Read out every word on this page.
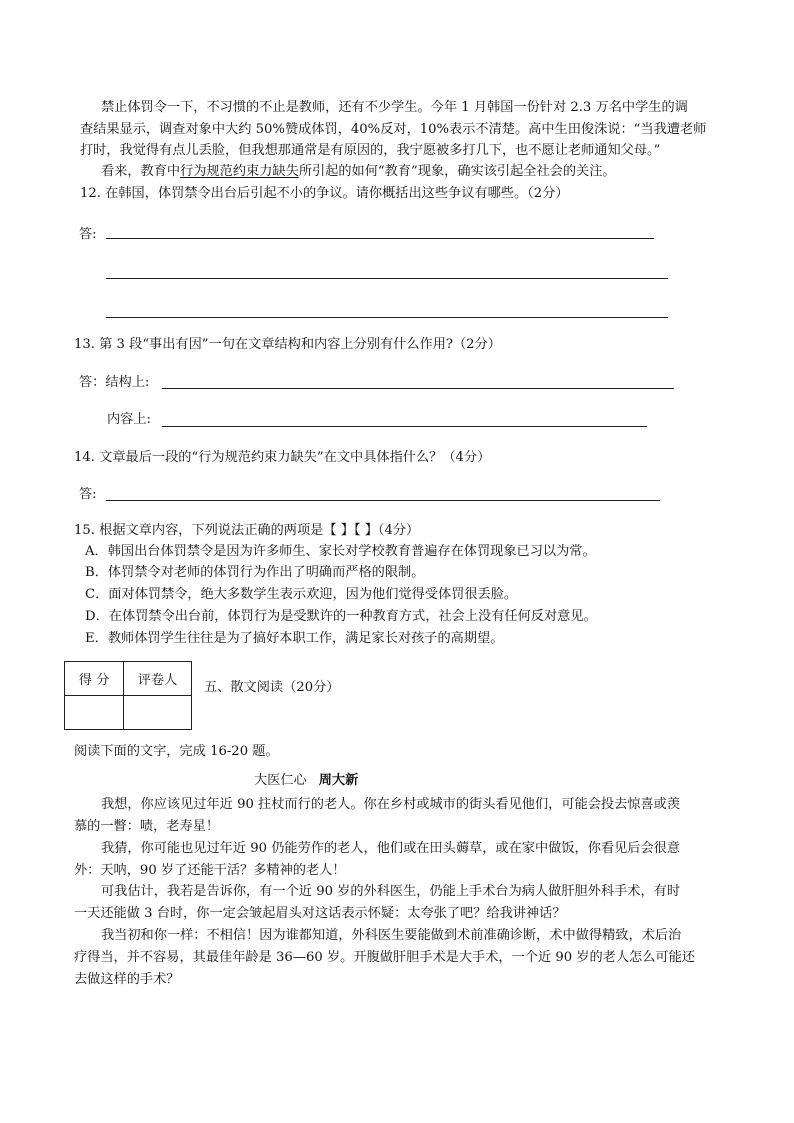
禁止体罚令一下，不习惯的不止是教师，还有不少学生。今年 1 月韩国一份针对 2.3 万名中学生的调
查结果显示，调查对象中大约 50%赞成体罚，40%反对，10%表示不清楚。高中生田俊洙说：“当我遭老师
打时，我觉得有点儿丢脸，但我想那通常是有原因的，我宁愿被多打几下，也不愿让老师通知父母。”
看来，教育中行为规范约束力缺失所引起的如何“教育”现象，确实该引起全社会的关注。
12. 在韩国，体罚禁令出台后引起不小的争议。请你概括出这些争议有哪些。（2分）
答:
13. 第 3 段“事出有因”一句在文章结构和内容上分别有什么作用?（2分）
答：结构上:
内容上:
14. 文章最后一段的“行为规范约束力缺失”在文中具体指什么？（4分）
答:
15. 根据文章内容，下列说法正确的两项是【 】【 】（4分）
A．韩国出台体罚禁令是因为许多师生、家长对学校教育普遍存在体罚现象已习以为常。
B．体罚禁令对老师的体罚行为作出了明确而严格的限制。
C．面对体罚禁令，绝大多数学生表示欢迎，因为他们觉得受体罚很丢脸。
D．在体罚禁令出台前，体罚行为是受默许的一种教育方式，社会上没有任何反对意见。
E．教师体罚学生往往是为了搞好本职工作，满足家长对孩子的高期望。
得 分	评卷人
	五、散文阅读（20分）
阅读下面的文字，完成 16-20 题。
大医仁心 周大新
我想，你应该见过年近 90 拄杖而行的老人。你在乡村或城市的街头看见他们，可能会投去惊喜或羡
慕的一瞥：啧，老寿星！
我猜，你可能也见过年近 90 仍能劳作的老人，他们或在田头薅草，或在家中做饭，你看见后会很意
外：天呐，90 岁了还能干活？多精神的老人！
可我估计，我若是告诉你，有一个近 90 岁的外科医生，仍能上手术台为病人做肝胆外科手术，有时
一天还能做 3 台时，你一定会皱起眉头对这话表示怀疑：太夸张了吧？给我讲神话？
我当初和你一样：不相信！因为谁都知道，外科医生要能做到术前准确诊断，术中做得精致，术后治
疗得当，并不容易，其最佳年龄是 36—60 岁。开腹做肝胆手术是大手术，一个近 90 岁的老人怎么可能还
去做这样的手术？
